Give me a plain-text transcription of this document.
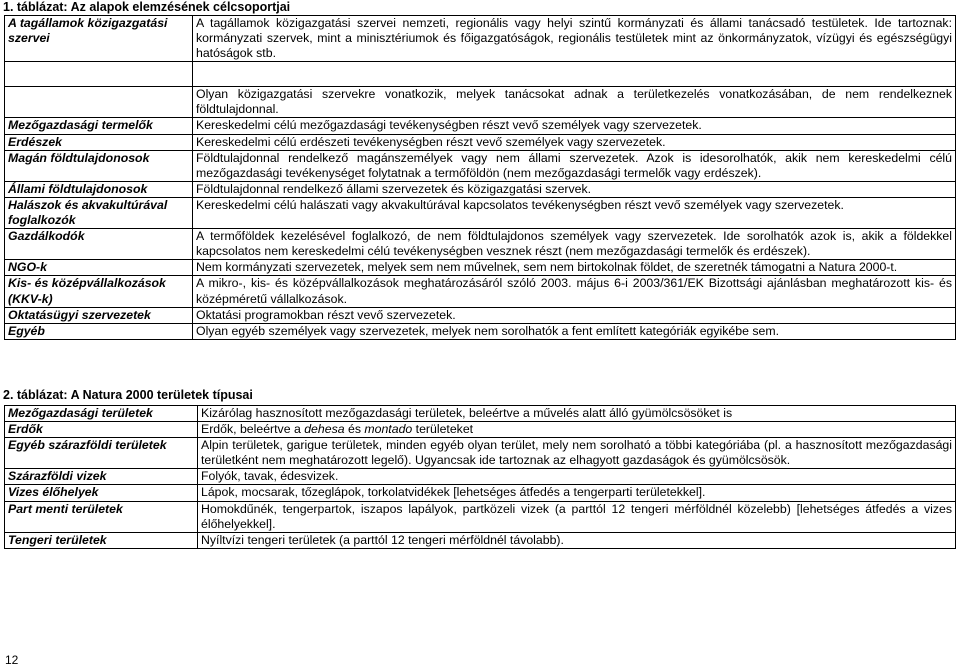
1. táblázat: Az alapok elemzésének célcsoportjai
A tagállamok közigazgatási szervei	A tagállamok közigazgatási szervei nemzeti, regionális vagy helyi szintű kormányzati és állami tanácsadó testületek. Ide tartoznak: kormányzati szervek, mint a minisztériumok és főigazgatóságok, regionális testületek mint az önkormányzatok, vízügyi és egészségügyi hatóságok stb.

	Olyan közigazgatási szervekre vonatkozik, melyek tanácsokat adnak a területkezelés vonatkozásában, de nem rendelkeznek földtulajdonnal.
Mezőgazdasági termelők	Kereskedelmi célú mezőgazdasági tevékenységben részt vevő személyek vagy szervezetek.
Erdészek	Kereskedelmi célú erdészeti tevékenységben részt vevő személyek vagy szervezetek.
Magán földtulajdonosok	Földtulajdonnal rendelkező magánszemélyek vagy nem állami szervezetek. Azok is idesorolhatók, akik nem kereskedelmi célú mezőgazdasági tevékenységet folytatnak a termőföldön (nem mezőgazdasági termelők vagy erdészek).
Állami földtulajdonosok	Földtulajdonnal rendelkező állami szervezetek és közigazgatási szervek.
Halászok és akvakultúrával foglalkozók	Kereskedelmi célú halászati vagy akvakultúrával kapcsolatos tevékenységben részt vevő személyek vagy szervezetek.
Gazdálkodók	A termőföldek kezelésével foglalkozó, de nem földtulajdonos személyek vagy szervezetek. Ide sorolhatók azok is, akik a földekkel kapcsolatos nem kereskedelmi célú tevékenységben vesznek részt (nem mezőgazdasági termelők és erdészek).
NGO-k	Nem kormányzati szervezetek, melyek sem nem művelnek, sem nem birtokolnak földet, de szeretnék támogatni a Natura 2000-t.
Kis- és középvállalkozások (KKV-k)	A mikro-, kis- és középvállalkozások meghatározásáról szóló 2003. május 6-i 2003/361/EK Bizottsági ajánlásban meghatározott kis- és középméretű vállalkozások.
Oktatásügyi szervezetek	Oktatási programokban részt vevő szervezetek.
Egyéb	Olyan egyéb személyek vagy szervezetek, melyek nem sorolhatók a fent említett kategóriák egyikébe sem.
2. táblázat: A Natura 2000 területek típusai
Mezőgazdasági területek	Kizárólag hasznosított mezőgazdasági területek, beleértve a művelés alatt álló gyümölcsösöket is
Erdők	Erdők, beleértve a dehesa és montado területeket
Egyéb szárazföldi területek	Alpin területek, garigue területek, minden egyéb olyan terület, mely nem sorolható a többi kategóriába (pl. a hasznosított mezőgazdasági területként nem meghatározott legelő). Ugyancsak ide tartoznak az elhagyott gazdaságok és gyümölcsösök.
Szárazföldi vizek	Folyók, tavak, édesvizek.
Vizes élőhelyek	Lápok, mocsarak, tőzeglápok, torkolatvidékek [lehetséges átfedés a tengerparti területekkel].
Part menti területek	Homokdűnék, tengerpartok, iszapos lapályok, partközeli vizek (a parttól 12 tengeri mérföldnél közelebb) [lehetséges átfedés a vizes élőhelyekkel].
Tengeri területek	Nyíltvízi tengeri területek (a parttól 12 tengeri mérföldnél távolabb).
12
